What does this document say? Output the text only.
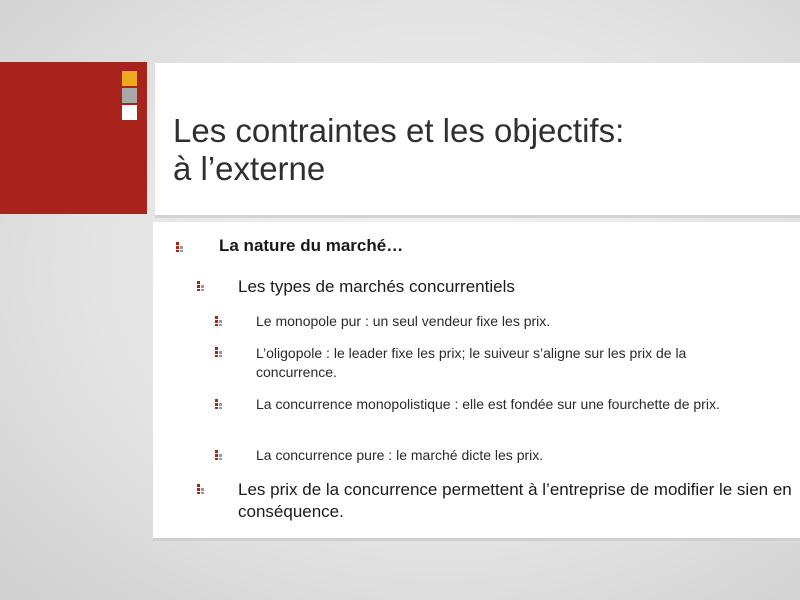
Les contraintes et les objectifs:
à l’externe
La nature du marché…
Les types de marchés concurrentiels
Le monopole pur : un seul vendeur fixe les prix.
L’oligopole : le leader fixe les prix; le suiveur s’aligne sur les prix de la concurrence.
La concurrence monopolistique : elle est fondée sur une fourchette de prix.
La concurrence pure : le marché dicte les prix.
Les prix de la concurrence permettent à l’entreprise de modifier le sien en conséquence.
